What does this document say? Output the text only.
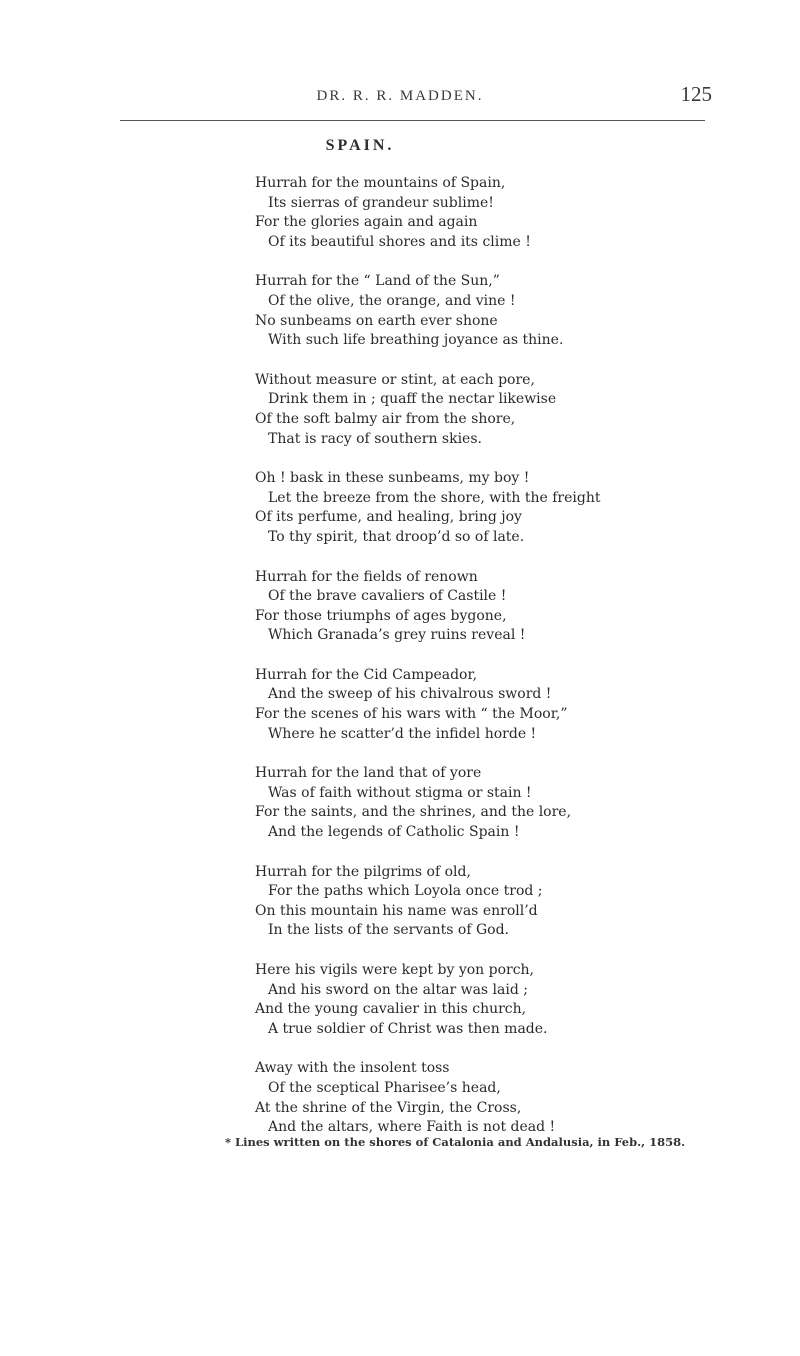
DR. R. R. MADDEN.	125
SPAIN.
Hurrah for the mountains of Spain,
Its sierras of grandeur sublime!
For the glories again and again
Of its beautiful shores and its clime !
Hurrah for the “ Land of the Sun,”
Of the olive, the orange, and vine !
No sunbeams on earth ever shone
With such life breathing joyance as thine.
Without measure or stint, at each pore,
Drink them in ; quaff the nectar likewise
Of the soft balmy air from the shore,
That is racy of southern skies.
Oh ! bask in these sunbeams, my boy !
Let the breeze from the shore, with the freight
Of its perfume, and healing, bring joy
To thy spirit, that droop’d so of late.
Hurrah for the fields of renown
Of the brave cavaliers of Castile !
For those triumphs of ages bygone,
Which Granada’s grey ruins reveal !
Hurrah for the Cid Campeador,
And the sweep of his chivalrous sword !
For the scenes of his wars with “ the Moor,”
Where he scatter’d the infidel horde !
Hurrah for the land that of yore
Was of faith without stigma or stain !
For the saints, and the shrines, and the lore,
And the legends of Catholic Spain !
Hurrah for the pilgrims of old,
For the paths which Loyola once trod ;
On this mountain his name was enroll’d
In the lists of the servants of God.
Here his vigils were kept by yon porch,
And his sword on the altar was laid ;
And the young cavalier in this church,
A true soldier of Christ was then made.
Away with the insolent toss
Of the sceptical Pharisee’s head,
At the shrine of the Virgin, the Cross,
And the altars, where Faith is not dead !
* Lines written on the shores of Catalonia and Andalusia, in Feb., 1858.
